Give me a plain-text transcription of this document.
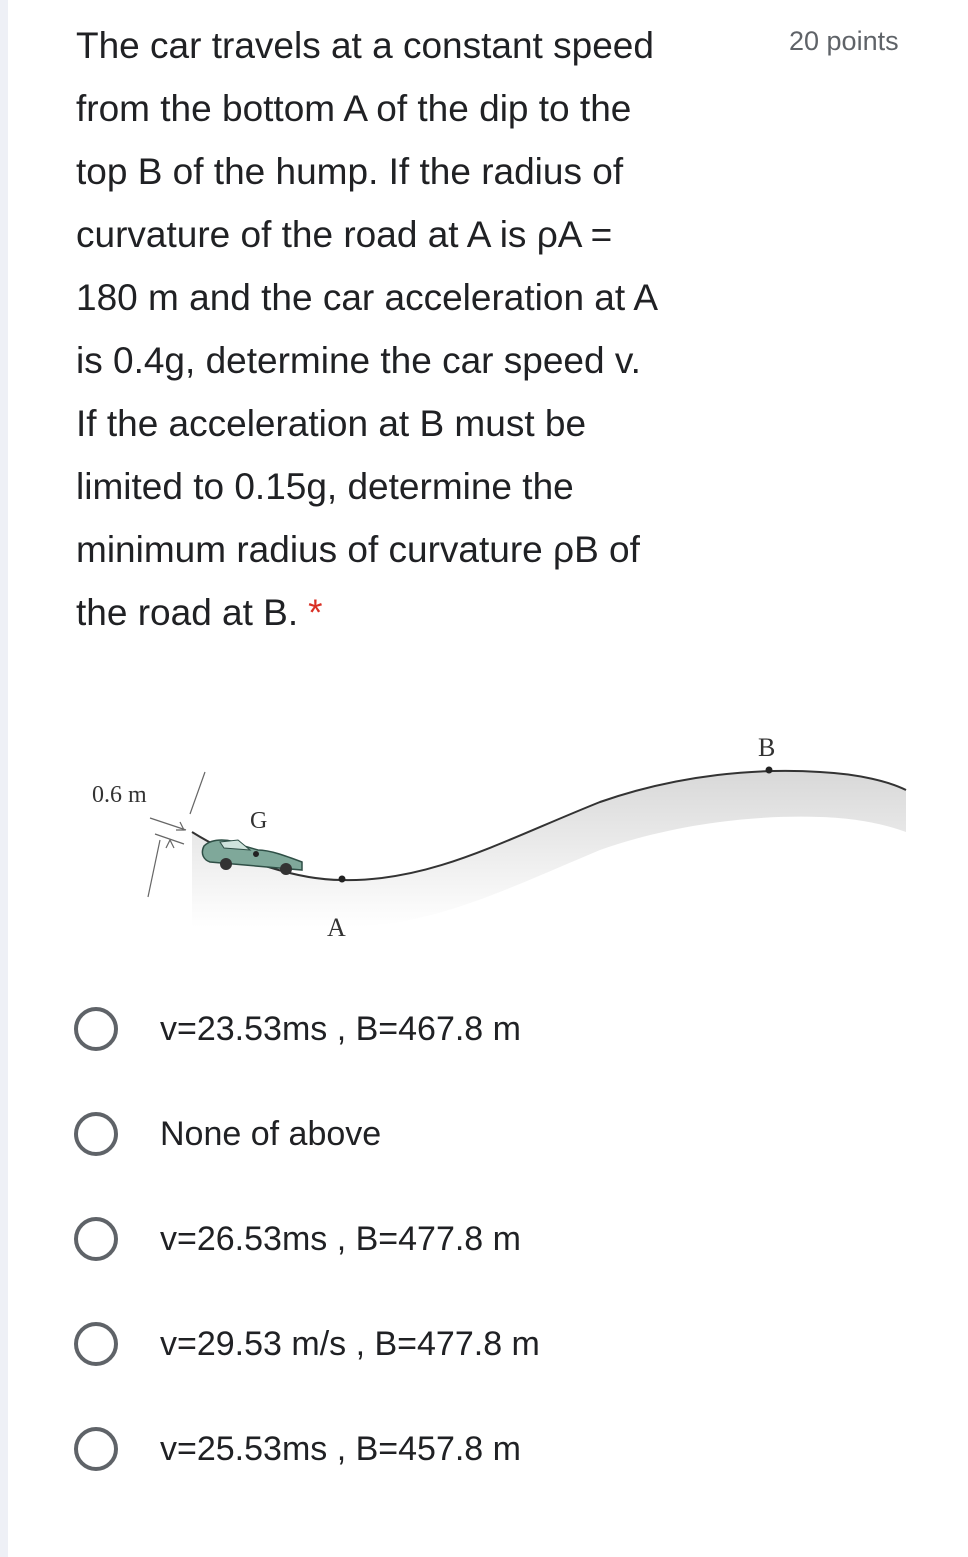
The car travels at a constant speed
from the bottom A of the dip to the
top B of the hump. If the radius of
curvature of the road at A is ρA =
180 m and the car acceleration at A
is 0.4g, determine the car speed v.
If the acceleration at B must be
limited to 0.15g, determine the
minimum radius of curvature ρB of
the road at B. *

20 points
0.6 m
G
A
B
v=23.53ms , B=467.8 m
None of above
v=26.53ms , B=477.8 m
v=29.53 m/s , B=477.8 m
v=25.53ms , B=457.8 m
